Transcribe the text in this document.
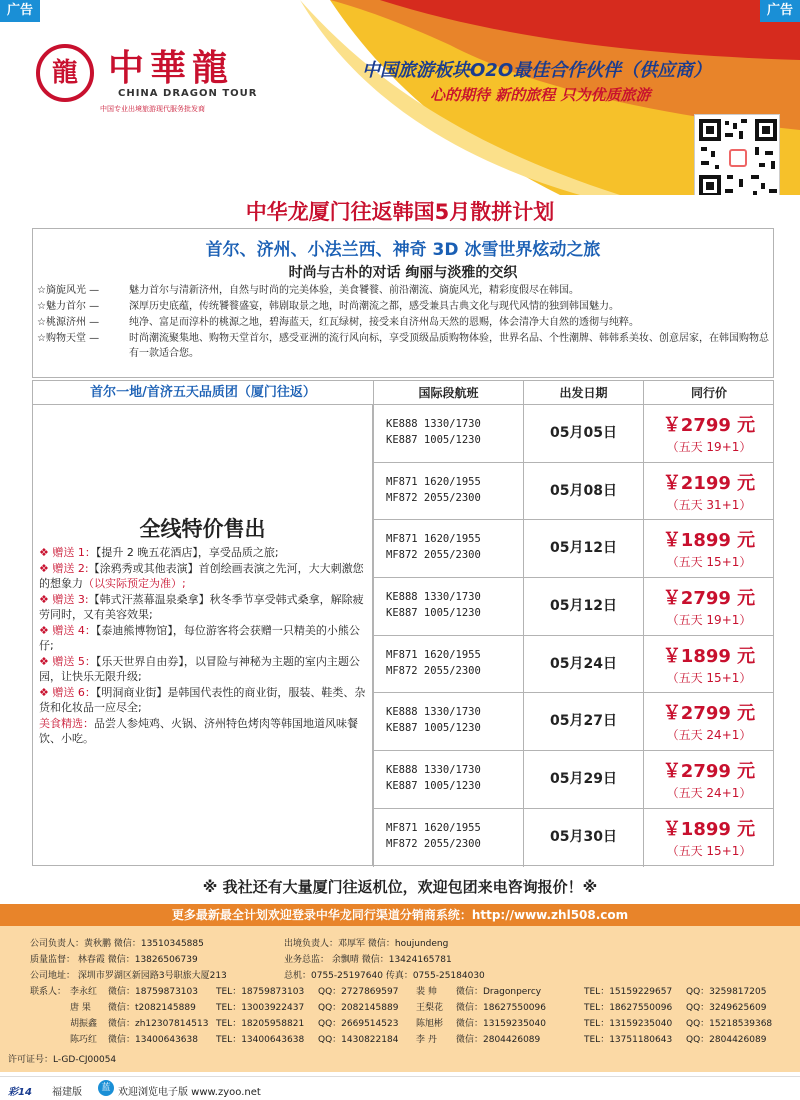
广告	广告
龍 中華龍
CHINA DRAGON TOUR
中国专业出境旅游现代服务批发商
中国旅游板块O2O最佳合作伙伴（供应商）
心的期待 新的旅程 只为优质旅游
中华龙厦门往返韩国5月散拼计划
首尔、济州、小法兰西、神奇 3D 冰雪世界炫动之旅
时尚与古朴的对话 绚丽与淡雅的交织
☆旖旎风光 —	魅力首尔与清新济州，自然与时尚的完美体验，美食饕餮、前沿潮流、旖旎风光，精彩度假尽在韩国。
☆魅力首尔 —	深厚历史底蕴，传统饕餮盛宴，韩剧取景之地，时尚潮流之都，感受兼具古典文化与现代风情的独到韩国魅力。
☆桃源济州 —	纯净、富足而淳朴的桃源之地，碧海蓝天，红瓦绿树，接受来自济州岛天然的恩赐，体会清净大自然的透彻与纯粹。
☆购物天堂 —	时尚潮流聚集地、购物天堂首尔，感受亚洲的流行风向标，享受顶级品质购物体验，世界名品、个性潮牌、韩韩系美妆、创意居家，在韩国购物总有一款适合您。
首尔一地/首济五天品质团（厦门往返）	国际段航班	出发日期	同行价
全线特价售出
❖ 赠送 1：【提升 2 晚五花酒店】，享受品质之旅;
❖ 赠送 2:【涂鸦秀或其他表演】首创绘画表演之先河，大大刺激您的想象力（以实际预定为准）;
❖ 赠送 3:【韩式汗蒸幕温泉桑拿】秋冬季节享受韩式桑拿，解除疲劳同时，又有美容效果;
❖ 赠送 4：【泰迪熊博物馆】，每位游客将会获赠一只精美的小熊公仔;
❖ 赠送 5：【乐天世界自由券】，以冒险与神秘为主题的室内主题公园，让快乐无限升级;
❖ 赠送 6：【明洞商业街】是韩国代表性的商业街，服装、鞋类、杂货和化妆品一应尽全;
美食精选：品尝人参炖鸡、火锅、济州特色烤肉等韩国地道风味餐饮、小吃。
KE888 1330/1730
KE887 1005/1230	05月05日	￥2799 元
（五天 19+1）
MF871 1620/1955
MF872 2055/2300	05月08日	￥2199 元
（五天 31+1）
MF871 1620/1955
MF872 2055/2300	05月12日	￥1899 元
（五天 15+1）
KE888 1330/1730
KE887 1005/1230	05月12日	￥2799 元
（五天 19+1）
MF871 1620/1955
MF872 2055/2300	05月24日	￥1899 元
（五天 15+1）
KE888 1330/1730
KE887 1005/1230	05月27日	￥2799 元
（五天 24+1）
KE888 1330/1730
KE887 1005/1230	05月29日	￥2799 元
（五天 24+1）
MF871 1620/1955
MF872 2055/2300	05月30日	￥1899 元
（五天 15+1）
※ 我社还有大量厦门往返机位，欢迎包团来电咨询报价！※
更多最新最全计划欢迎登录中华龙同行渠道分销商系统：http://www.zhl508.com
公司负责人：黄秋鹏 微信：13510345885	出境负责人：邓厚军 微信：houjundeng
质量监督： 林春霞 微信：13826506739	业务总监： 余飘晴 微信：13424165781
公司地址： 深圳市罗湖区新园路3号职旅大厦213	总机：0755-25197640 传真：0755-25184030
联系人： 李永红 微信：18759873103 TEL：18759873103 QQ：2727869597 裴 帅 微信：Dragonpercy	TEL：15159229657 QQ：3259817205
唐 果 微信：t2082145889 TEL：13003922437 QQ：2082145889 王梨花 微信：18627550096	TEL：18627550096 QQ：3249625609
胡振鑫 微信：zh12307814513 TEL：18205958821 QQ：2669514523 陈旭彬 微信：13159235040	TEL：13159235040 QQ：15218539368
陈巧红 微信：13400643638 TEL：13400643638 QQ：1430822184 李 丹 微信：2804426089	TEL：13751180643 QQ：2804426089
许可证号：L-GD-CJ00054
彩14 福建版	蓝 欢迎浏览电子版 www.zyoo.net
